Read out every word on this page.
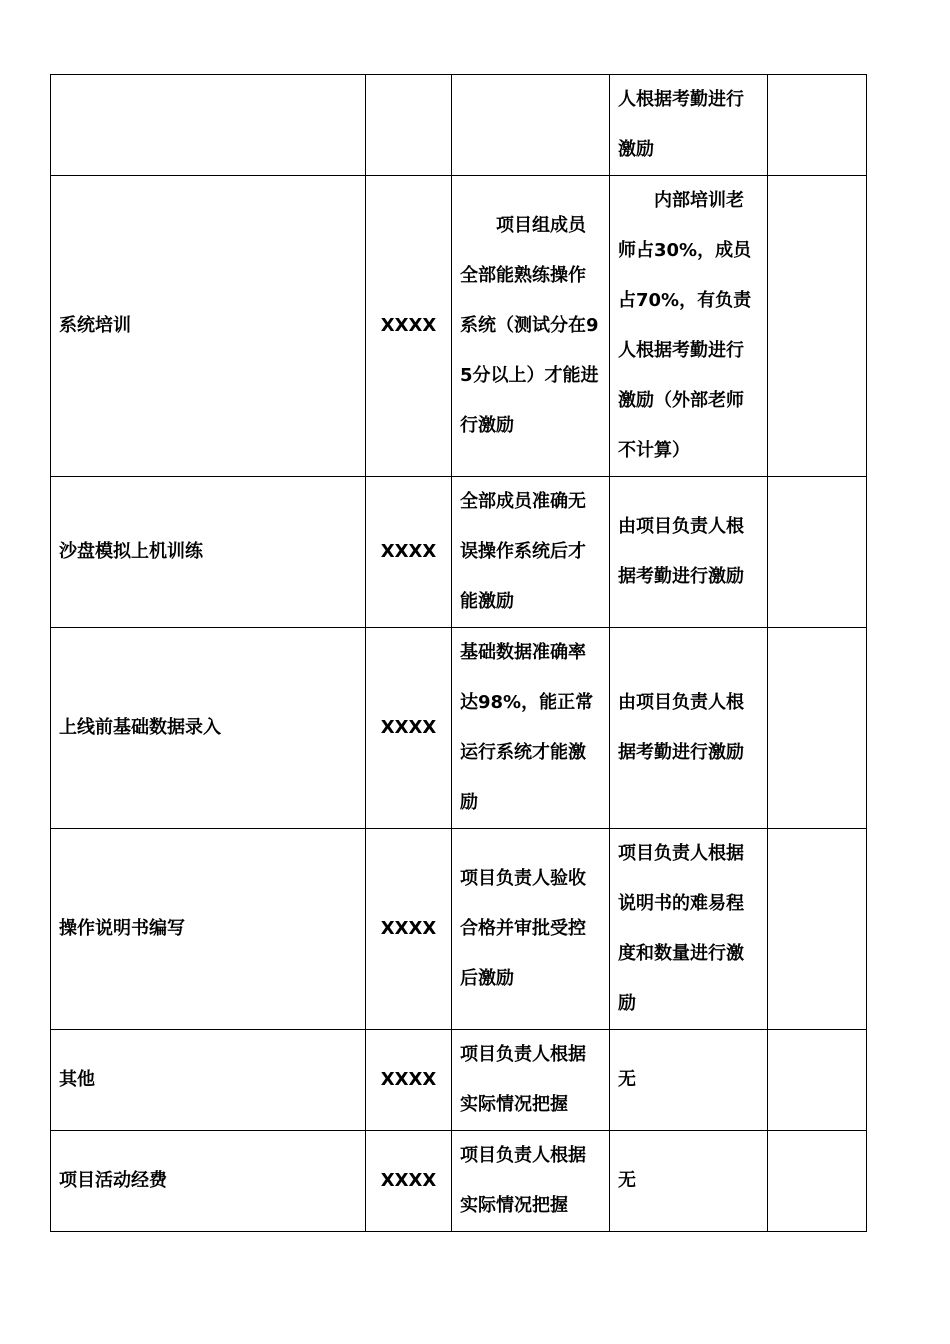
			人根据考勤进行激励	
系统培训	XXXX	项目组成员全部能熟练操作系统（测试分在95分以上）才能进行激励	内部培训老师占30%，成员占70%，有负责人根据考勤进行激励（外部老师不计算）	
沙盘模拟上机训练	XXXX	全部成员准确无误操作系统后才能激励	由项目负责人根据考勤进行激励	
上线前基础数据录入	XXXX	基础数据准确率达98%，能正常运行系统才能激励	由项目负责人根据考勤进行激励	
操作说明书编写	XXXX	项目负责人验收合格并审批受控后激励	项目负责人根据说明书的难易程度和数量进行激励	
其他	XXXX	项目负责人根据实际情况把握	无	
项目活动经费	XXXX	项目负责人根据实际情况把握	无	
